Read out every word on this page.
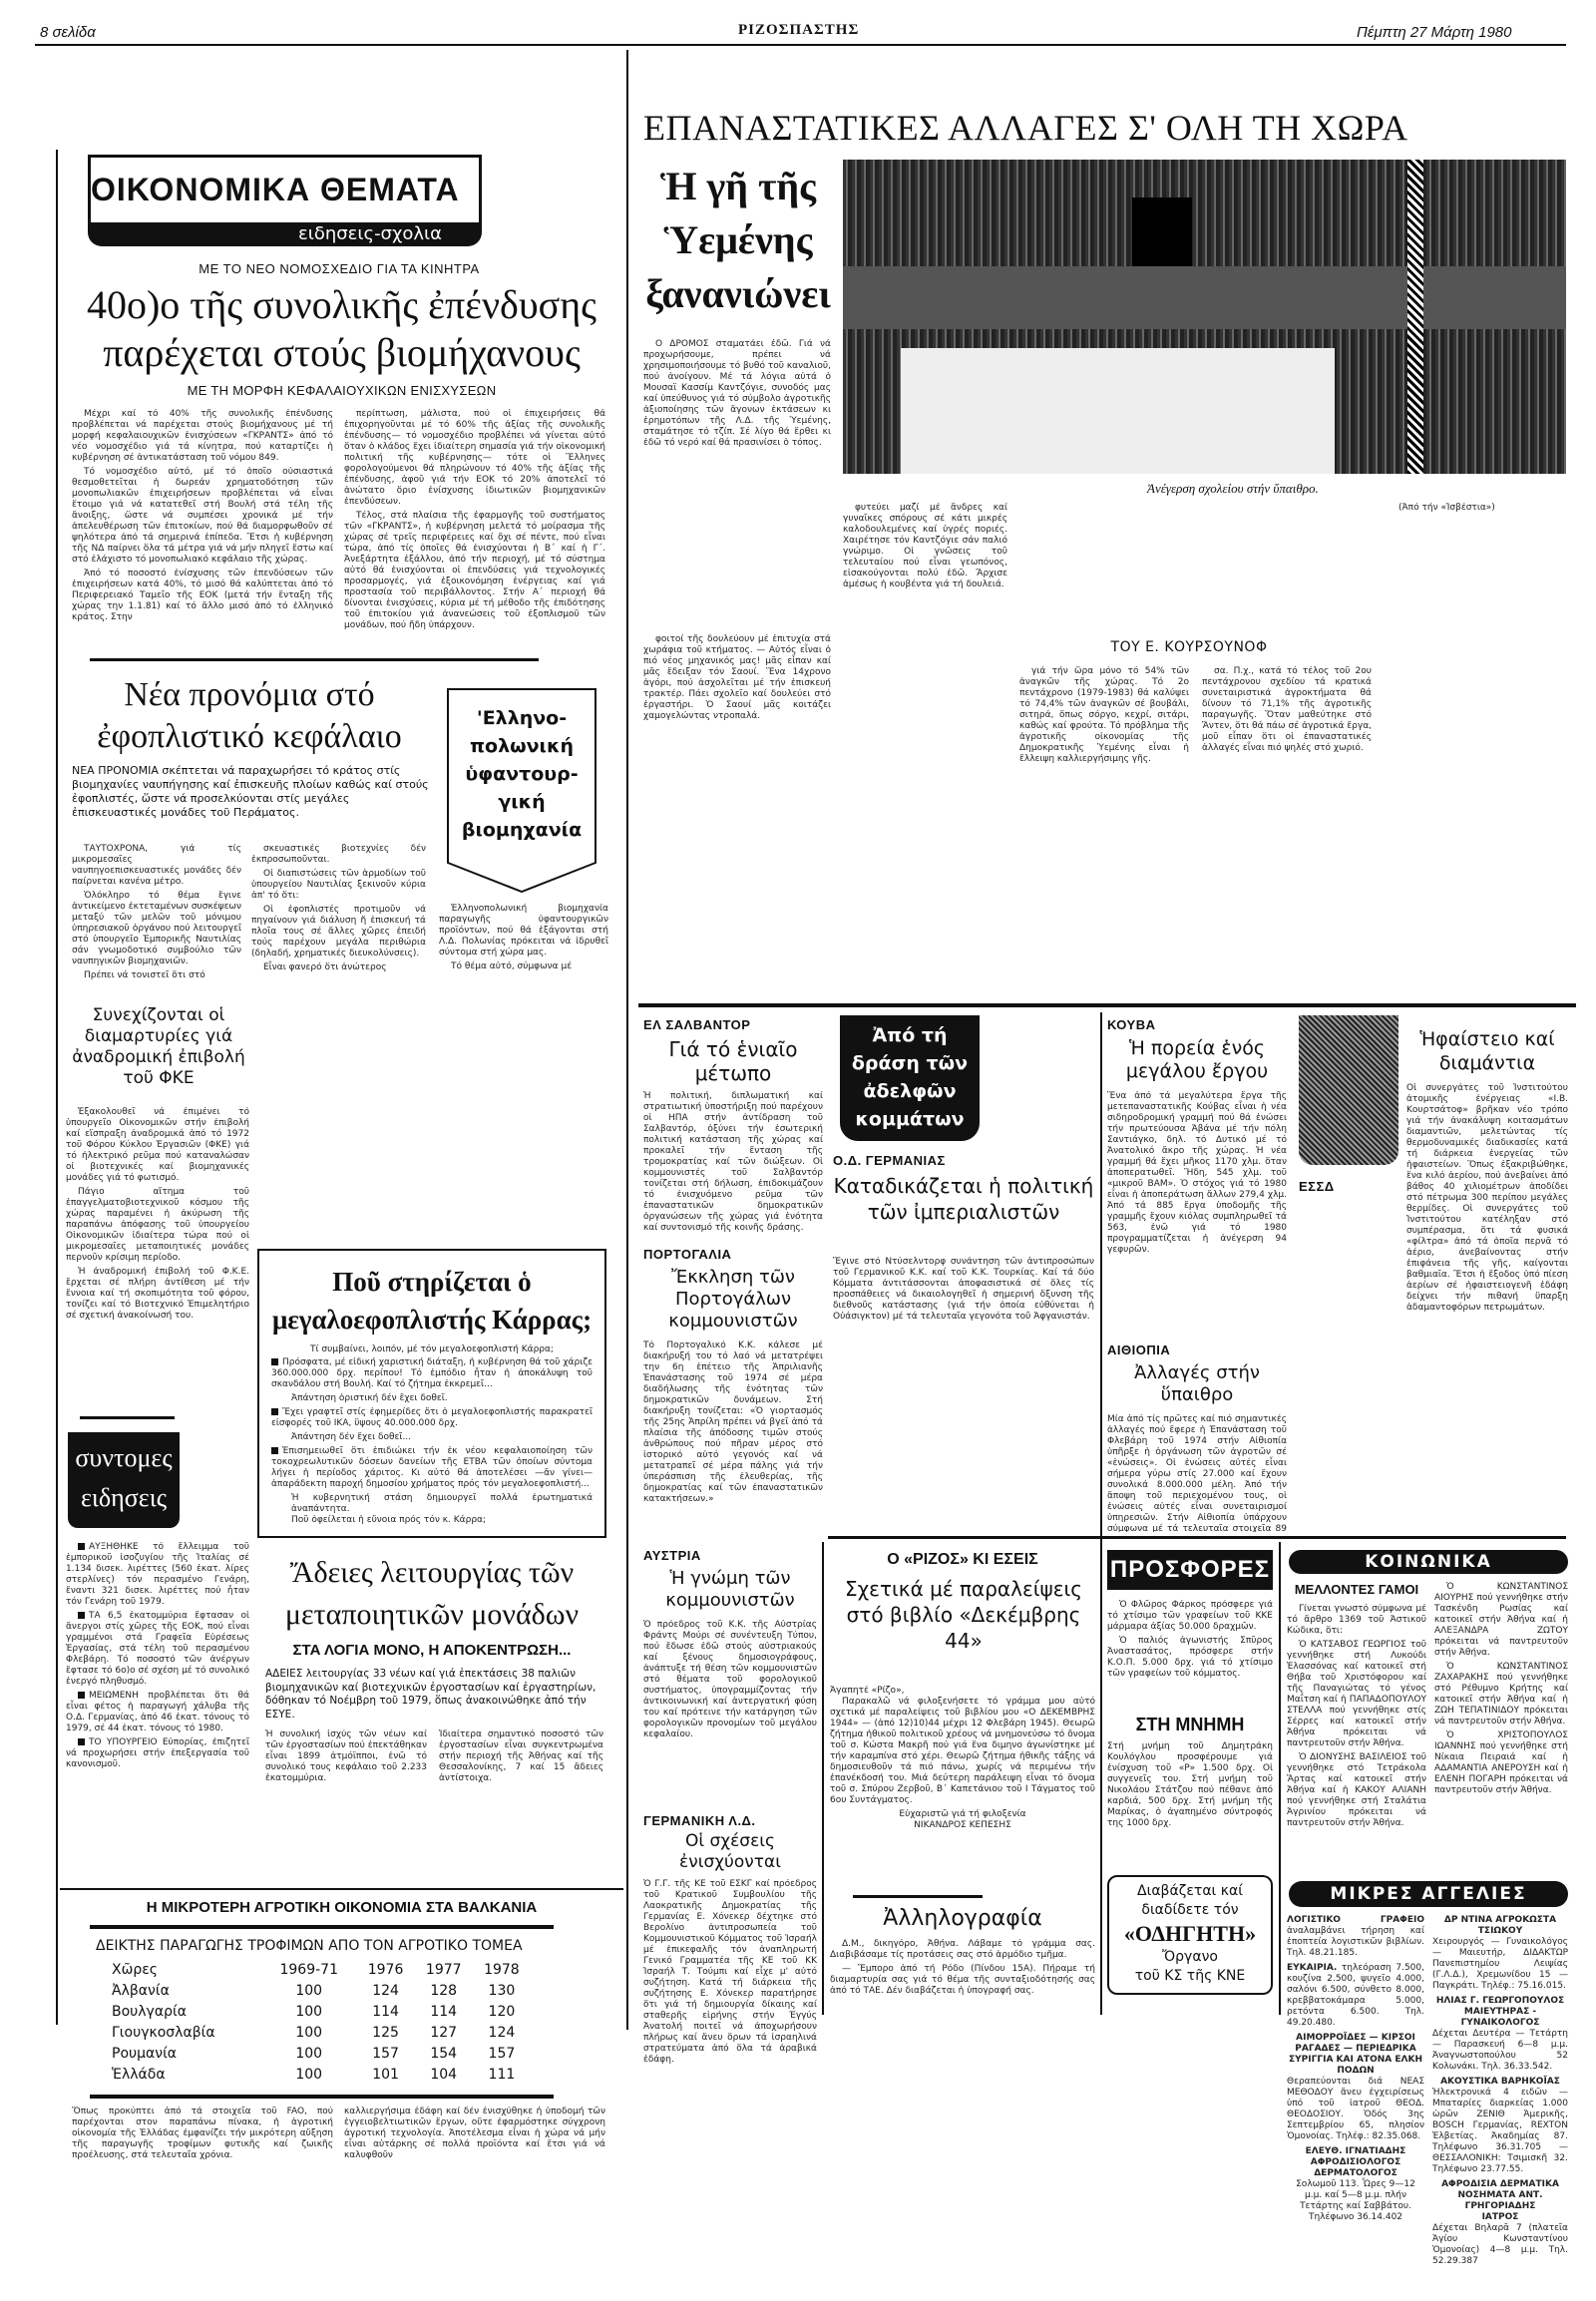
8 σελίδα	ΡΙΖΟΣΠΑΣΤΗΣ	Πέμπτη 27 Μάρτη 1980
ΟΙΚΟΝΟΜΙΚΑ ΘΕΜΑΤΑ
ειδησεις-σχολια
ΜΕ ΤΟ ΝΕΟ ΝΟΜΟΣΧΕΔΙΟ ΓΙΑ ΤΑ ΚΙΝΗΤΡΑ
40ο)ο τῆς συνολικῆς ἐπένδυσης
παρέχεται στούς βιομήχανους
ΜΕ ΤΗ ΜΟΡΦΗ ΚΕΦΑΛΑΙΟΥΧΙΚΩΝ ΕΝΙΣΧΥΣΕΩΝ

Μέχρι καί τό 40% τῆς συνολικῆς ἐπένδυσης προβλέπεται νά παρέχεται στούς βιομήχανους μέ τή μορφή κεφαλαιουχικῶν ἐνισχύσεων «ΓΚΡΑΝΤΣ» ἀπό τό νέο νομοσχέδιο γιά τά κίνητρα, πού καταρτίζει ἡ κυβέρνηση σέ ἀντικατάσταση τοῦ νόμου 849.

Τό νομοσχέδιο αὐτό, μέ τό ὁποῖο οὐσιαστικά θεσμοθετεῖται ἡ δωρεάν χρηματοδότηση τῶν μονοπωλιακῶν ἐπιχειρήσεων προβλέπεται νά εἶναι ἕτοιμο γιά νά κατατεθεῖ στή Βουλή στά τέλη τῆς ἄνοιξης, ὥστε νά συμπέσει χρονικά μέ τήν ἀπελευθέρωση τῶν ἐπιτοκίων, πού θά διαμορφωθοῦν σέ ψηλότερα ἀπό τά σημερινά ἐπίπεδα. Ἔτσι ἡ κυβέρνηση τῆς ΝΔ παίρνει ὅλα τά μέτρα γιά νά μήν πληγεῖ ἔστω καί στό ἐλάχιστο τό μονοπωλιακό κεφάλαιο τῆς χώρας.

Ἀπό τό ποσοστό ἐνίσχυσης τῶν ἐπενδύσεων τῶν ἐπιχειρήσεων κατά 40%, τό μισό θά καλύπτεται ἀπό τό Περιφερειακό Ταμεῖο τῆς ΕΟΚ (μετά τήν ἔνταξη τῆς χώρας την 1.1.81) καί τό ἄλλο μισό ἀπό τό ἑλληνικό κράτος. Στην

περίπτωση, μάλιστα, πού οἱ ἐπιχειρήσεις θά ἐπιχορηγοῦνται μέ τό 60% τῆς ἀξίας τῆς συνολικῆς ἐπένδυσης— τό νομοσχέδιο προβλέπει νά γίνεται αὐτό ὅταν ὁ κλάδος ἔχει ἰδιαίτερη σημασία γιά τήν οἰκονομική πολιτική τῆς κυβέρνησης— τότε οἱ Ἕλληνες φορολογούμενοι θά πληρώνουν τό 40% τῆς ἀξίας τῆς ἐπένδυσης, ἀφοῦ γιά τήν ΕΟΚ τό 20% ἀποτελεῖ τό ἀνώτατο ὅριο ἐνίσχυσης ἰδιωτικῶν βιομηχανικῶν ἐπενδύσεων.

Τέλος, στά πλαίσια τῆς ἐφαρμογῆς τοῦ συστήματος τῶν «ΓΚΡΑΝΤΣ», ἡ κυβέρνηση μελετά τό μοίρασμα τῆς χώρας σέ τρεῖς περιφέρειες καί ὄχι σέ πέντε, πού εἶναι τώρα, ἀπό τίς ὁποῖες θά ἐνισχύονται ἡ Β΄ καί ἡ Γ΄. Ἀνεξάρτητα ἐξάλλου, ἀπό τήν περιοχή, μέ τό σύστημα αὐτό θά ἐνισχύονται οἱ ἐπενδύσεις γιά τεχνολογικές προσαρμογές, γιά ἐξοικονόμηση ἐνέργειας καί γιά προστασία τοῦ περιβάλλοντος. Στήν Α΄ περιοχή θά δίνονται ἐνισχύσεις, κύρια μέ τή μέθοδο τῆς ἐπιδότησης τοῦ ἐπιτοκίου γιά ἀνανεώσεις τοῦ ἐξοπλισμοῦ τῶν μονάδων, πού ἤδη ὑπάρχουν.

Νέα προνόμια στό
ἐφοπλιστικό κεφάλαιο
ΝΕΑ ΠΡΟΝΟΜΙΑ σκέπτεται νά παραχωρήσει τό κράτος στίς βιομηχανίες ναυπήγησης καί ἐπισκευῆς πλοίων καθώς καί στούς ἐφοπλιστές, ὥστε νά προσελκύονται στίς μεγάλες ἐπισκευαστικές μονάδες τοῦ Περάματος.

ΤΑΥΤΟΧΡΟΝΑ, γιά τίς μικρομεσαῖες ναυπηγοεπισκευαστικές μονάδες δέν παίρνεται κανένα μέτρο.

Ὁλόκληρο τό θέμα ἔγινε ἀντικείμενο ἐκτεταμένων συσκέψεων μεταξύ τῶν μελῶν τοῦ μόνιμου ὑπηρεσιακοῦ ὀργάνου πού λειτουργεῖ στό ὑπουργεῖο Ἐμπορικῆς Ναυτιλίας σάν γνωμοδοτικό συμβούλιο τῶν ναυπηγικῶν βιομηχανιῶν.

Πρέπει νά τονιστεῖ ὅτι στό

σκευαστικές βιοτεχνίες δέν ἐκπροσωποῦνται.

Οἱ διαπιστώσεις τῶν ἁρμοδίων τοῦ ὑπουργείου Ναυτιλίας ξεκινοῦν κύρια ἀπ' τό ὅτι:

Οἱ ἐφοπλιστές προτιμοῦν νά πηγαίνουν γιά διάλυση ἤ ἐπισκευή τά πλοῖα τους σέ ἄλλες χῶρες ἐπειδή τούς παρέχουν μεγάλα περιθώρια (δηλαδή, χρηματικές διευκολύνσεις).

Εἶναι φανερό ὅτι ἀνώτερος

'Ελληνο-
πολωνική
ὑφαντουρ-
γική
βιομηχανία

Ἑλληνοπολωνική βιομηχανία παραγωγῆς ὑφαντουργικῶν προϊόντων, πού θά ἐξάγονται στή Λ.Δ. Πολωνίας πρόκειται νά ἱδρυθεῖ σύντομα στή χώρα μας.

Τό θέμα αὐτό, σύμφωνα μέ

Συνεχίζονται οἱ διαμαρτυρίες γιά ἀναδρομική ἐπιβολή τοῦ ΦΚΕ

Ἐξακολουθεῖ νά ἐπιμένει τό ὑπουργεῖο Οἰκονομικῶν στήν ἐπιβολή καί εἴσπραξη ἀναδρομικά ἀπό τό 1972 τοῦ Φόρου Κύκλου Ἐργασιῶν (ΦΚΕ) γιά τό ἠλεκτρικό ρεῦμα πού καταναλώσαν οἱ βιοτεχνικές καί βιομηχανικές μονάδες γιά τό φωτισμό.

Πάγιο αἴτημα τοῦ ἐπαγγελματοβιοτεχνικοῦ κόσμου τῆς χώρας παραμένει ἡ ἀκύρωση τῆς παραπάνω ἀπόφασης τοῦ ὑπουργείου Οἰκονομικῶν ἰδιαίτερα τώρα πού οἱ μικρομεσαῖες μεταποιητικές μονάδες περνοῦν κρίσιμη περίοδο.

Ἡ ἀναδρομική ἐπιβολή τοῦ Φ.Κ.Ε. ἔρχεται σέ πλήρη ἀντίθεση μέ τήν ἔννοια καί τή σκοπιμότητα τοῦ φόρου, τονίζει καί τό Βιοτεχνικό Ἐπιμελητήριο σέ σχετική ἀνακοίνωσή του.

συντομες
ειδησεις

ΑΥΞΗΘΗΚΕ τό ἔλλειμμα τοῦ ἐμπορικοῦ ἰσοζυγίου τῆς Ἰταλίας σέ 1.134 δισεκ. λιρέττες (560 ἑκατ. λίρες στερλίνες) τόν περασμένο Γενάρη, ἔναντι 321 δισεκ. λιρέττες πού ἦταν τόν Γενάρη τοῦ 1979.

ΤΑ 6,5 ἑκατομμύρια ἔφτασαν οἱ ἄνεργοι στίς χῶρες τῆς ΕΟΚ, πού εἶναι γραμμένοι στά Γραφεῖα Εὑρέσεως Ἐργασίας, στά τέλη τοῦ περασμένου Φλεβάρη. Τό ποσοστό τῶν ἀνέργων ἔφτασε τό 6ο)ο σέ σχέση μέ τό συνολικό ἐνεργό πληθυσμό.

ΜΕΙΩΜΕΝΗ προβλέπεται ὅτι θά εἶναι φέτος ἡ παραγωγή χάλυβα τῆς Ο.Δ. Γερμανίας, ἀπό 46 ἑκατ. τόνους τό 1979, σέ 44 ἑκατ. τόνους τό 1980.

ΤΟ ΥΠΟΥΡΓΕΙΟ Εὐπορίας, ἐπιζητεῖ νά προχωρήσει στήν ἐπεξεργασία τοῦ κανονισμοῦ.

Ποῦ στηρίζεται ὁ
μεγαλοεφοπλιστής Κάρρας;
Τί συμβαίνει, λοιπόν, μέ τόν μεγαλοεφοπλιστή Κάρρα;
Πρόσφατα, μέ εἰδική χαριστική διάταξη, ἡ κυβέρνηση θά τοῦ χάριζε 360.000.000 δρχ. περίπου! Τό ἐμπόδιο ἦταν ἡ ἀποκάλυψη τοῦ σκανδάλου στή Βουλή. Καί τό ζήτημα ἐκκρεμεῖ...
Ἀπάντηση ὁριστική δέν ἔχει δοθεῖ.
Ἔχει γραφτεῖ στίς ἐφημερίδες ὅτι ὁ μεγαλοεφοπλιστής παρακρατεῖ εἰσφορές τοῦ ΙΚΑ, ὕψους 40.000.000 δρχ.
Ἀπάντηση δέν ἔχει δοθεῖ...
Ἐπισημειωθεῖ ὅτι ἐπιδιώκει τήν ἐκ νέου κεφαλαιοποίηση τῶν τοκοχρεωλυτικῶν δόσεων δανείων τῆς ΕΤΒΑ τῶν ὁποίων σύντομα λήγει ἡ περίοδος χάριτος. Κι αὐτό θά ἀποτελέσει —ἄν γίνει— ἀπαράδεκτη παροχή δημοσίου χρήματος πρός τόν μεγαλοεφοπλιστή...
Ἡ κυβερνητική στάση δημιουργεῖ πολλά ἐρωτηματικά ἀναπάντητα.
Ποῦ ὀφείλεται ἡ εὔνοια πρός τόν κ. Κάρρα;
Ἄδειες λειτουργίας τῶν
μεταποιητικῶν μονάδων
ΣΤΑ ΛΟΓΙΑ ΜΟΝΟ, Η ΑΠΟΚΕΝΤΡΩΣΗ...
ΑΔΕΙΕΣ λειτουργίας 33 νέων καί γιά ἐπεκτάσεις 38 παλιῶν βιομηχανικῶν καί βιοτεχνικῶν ἐργοστασίων καί ἐργαστηρίων, δόθηκαν τό Νοέμβρη τοῦ 1979, ὅπως ἀνακοινώθηκε ἀπό τήν ΕΣΥΕ.
Ἡ συνολική ἰσχύς τῶν νέων καί τῶν ἐργοστασίων πού ἐπεκτάθηκαν εἶναι 1899 ἀτμόϊπποι, ἐνῶ τό συνολικό τους κεφάλαιο τοῦ 2.233 ἑκατομμύρια.
Ἰδιαίτερα σημαντικό ποσοστό τῶν ἐργοστασίων εἶναι συγκεντρωμένα στήν περιοχή τῆς Ἀθήνας καί τῆς Θεσσαλονίκης, 7 καί 15 ἄδειες ἀντίστοιχα.
Η ΜΙΚΡΟΤΕΡΗ ΑΓΡΟΤΙΚΗ ΟΙΚΟΝΟΜΙΑ ΣΤΑ ΒΑΛΚΑΝΙΑ
ΔΕΙΚΤΗΣ ΠΑΡΑΓΩΓΗΣ ΤΡΟΦΙΜΩΝ ΑΠΟ ΤΟΝ ΑΓΡΟΤΙΚΟ ΤΟΜΕΑ
Χῶρες	1969-71	1976	1977	1978
Ἀλβανία	100	124	128	130
Βουλγαρία	100	114	114	120
Γιουγκοσλαβία	100	125	127	124
Ρουμανία	100	157	154	157
Ἑλλάδα	100	101	104	111
Ὅπως προκύπτει ἀπό τά στοιχεῖα τοῦ FAO, πού παρέχονται στον παραπάνω πίνακα, ἡ ἀγροτική οἰκονομία τῆς Ἑλλάδας ἐμφανίζει τήν μικρότερη αὔξηση τῆς παραγωγῆς τροφίμων φυτικῆς καί ζωικῆς προέλευσης, στά τελευταῖα χρόνια.
καλλιεργήσιμα ἐδάφη καί δέν ἐνισχύθηκε ἡ ὑποδομή τῶν ἐγγειοβελτιωτικῶν ἔργων, οὔτε ἐφαρμόστηκε σύγχρονη ἀγροτική τεχνολογία. Ἀποτέλεσμα εἶναι ἡ χώρα νά μήν εἶναι αὐτάρκης σέ πολλά προϊόντα καί ἔτσι γιά νά καλυφθοῦν
ΕΠΑΝΑΣΤΑΤΙΚΕΣ ΑΛΛΑΓΕΣ Σ' ΟΛΗ ΤΗ ΧΩΡΑ
Ἡ γῆ τῆς
Ὑεμένης
ξανανιώνει
Ἀνέγερση σχολείου στήν ὕπαιθρο.

Ο ΔΡΟΜΟΣ σταματάει ἐδῶ. Γιά νά προχωρήσουμε, πρέπει νά χρησιμοποιήσουμε τό βυθό τοῦ καναλιοῦ, πού ἀνοίγουν. Μέ τά λόγια αὐτά ὁ Μουσαϊ Κασσίμ Καντζόγιε, συνοδός μας καί ὑπεύθυνος γιά τό σύμβολο ἀγροτικῆς ἀξιοποίησης τῶν ἄγονων ἐκτάσεων κι ἐρημοτόπων τῆς Λ.Δ. τῆς Ὑεμένης, σταμάτησε τό τζίπ. Σέ λίγο θά ἔρθει κι ἐδῶ τό νερό καί θά πρασινίσει ὁ τόπος.

φοιτοί τῆς δουλεύουν μέ ἐπιτυχία στά χωράφια τοῦ κτήματος. — Αὐτός εἶναι ὁ πιό νέος μηχανικός μας! μᾶς εἶπαν καί μᾶς ἔδειξαν τόν Σαουί. Ἕνα 14χρονο ἀγόρι, πού ἀσχολεῖται μέ τήν ἐπισκευή τρακτέρ. Πάει σχολεῖο καί δουλεύει στό ἐργαστήρι. Ὁ Σαουί μᾶς κοιτάζει χαμογελώντας ντροπαλά.

ΤΟΥ Ε. ΚΟΥΡΣΟΥΝΟΦ

φυτεύει μαζί μέ ἄνδρες καί γυναῖκες σπόρους σέ κάτι μικρές καλοδουλεμένες καί ὑγρές ποριές. Χαιρέτησε τόν Καντζόγιε σάν παλιό γνώριμο. Οἱ γνῶσεις τοῦ τελευταίου πού εἶναι γεωπόνος, εἰσακούγονται πολύ ἐδῶ. Ἄρχισε ἀμέσως ἡ κουβέντα γιά τή δουλειά.

γιά τήν ὥρα μόνο τό 54% τῶν ἀναγκῶν τῆς χώρας. Τό 2ο πεντάχρονο (1979-1983) θά καλύψει τό 74,4% τῶν ἀναγκῶν σέ βουβάλι, σιτηρά, ὅπως σόργο, κεχρί, σιτάρι, καθώς καί φρούτα. Τό πρόβλημα τῆς ἀγροτικῆς οἰκονομίας τῆς Δημοκρατικῆς Ὑεμένης εἶναι ἡ ἔλλειψη καλλιεργήσιμης γῆς.

σα. Π.χ., κατά τό τέλος τοῦ 2ου πεντάχρονου σχεδίου τά κρατικά συνεταιριστικά ἀγροκτήματα θά δίνουν τό 71,1% τῆς ἀγροτικῆς παραγωγῆς. Ὅταν μαθεύτηκε στό Ἄντεν, ὅτι θά πάω σέ ἀγροτικά ἔργα, μοῦ εἶπαν ὅτι οἱ ἐπαναστατικές ἀλλαγές εἶναι πιό ψηλές στό χωριό.

(Ἀπό τήν «Ἰσβέστια»)
ΕΛ ΣΑΛΒΑΝΤΟΡ
Γιά τό ἑνιαῖο μέτωπο
Ἡ πολιτική, διπλωματική καί στρατιωτική ὑποστήριξη πού παρέχουν οἱ ΗΠΑ στήν ἀντίδραση τοῦ Σαλβαντόρ, ὀξύνει τήν ἐσωτερική πολιτική κατάσταση τῆς χώρας καί προκαλεῖ τήν ἔνταση τῆς τρομοκρατίας καί τῶν διώξεων. Οἱ κομμουνιστές τοῦ Σαλβαντόρ τονίζεται στή δήλωση, ἐπιδοκιμάζουν τό ἐνισχυόμενο ρεῦμα τῶν ἐπαναστατικῶν δημοκρατικῶν ὀργανώσεων τῆς χώρας γιά ἑνότητα καί συντονισμό τῆς κοινῆς δράσης.
Ἀπό τή
δράση τῶν
ἀδελφῶν
κομμάτων
Ο.Δ. ΓΕΡΜΑΝΙΑΣ
Καταδικάζεται ἡ πολιτική τῶν ἰμπεριαλιστῶν
Ἔγινε στό Ντύσελντορφ συνάντηση τῶν ἀντιπροσώπων τοῦ Γερμανικοῦ Κ.Κ. καί τοῦ Κ.Κ. Τουρκίας. Καί τά δύο Κόμματα ἀντιτάσσονται ἀποφασιστικά σέ ὅλες τίς προσπάθειες νά δικαιολογηθεῖ ἡ σημερινή ὄξυνση τῆς διεθνοῦς κατάστασης (γιά τήν ὁποία εὐθύνεται ἡ Οὐάσιγκτον) μέ τά τελευταῖα γεγονότα τοῦ Ἀφγανιστάν.
ΠΟΡΤΟΓΑΛΙΑ
Ἔκκληση τῶν Πορτογάλων κομμουνιστῶν
Τό Πορτογαλικό Κ.Κ. κάλεσε μέ διακήρυξή του τό λαό νά μετατρέψει την 6η ἐπέτειο τῆς Ἀπριλιανῆς Ἐπανάστασης τοῦ 1974 σέ μέρα διαδήλωσης τῆς ἑνότητας τῶν δημοκρατικῶν δυνάμεων. Στή διακήρυξη τονίζεται: «Ὁ γιορτασμός τῆς 25ης Ἀπρίλη πρέπει νά βγεῖ ἀπό τά πλαίσια τῆς ἀπόδοσης τιμῶν στούς ἀνθρώπους πού πῆραν μέρος στό ἱστορικό αὐτό γεγονός καί νά μετατραπεῖ σέ μέρα πάλης γιά τήν ὑπεράσπιση τῆς ἐλευθερίας, τῆς δημοκρατίας καί τῶν ἐπαναστατικῶν κατακτήσεων.»
ΑΥΣΤΡΙΑ
Ἡ γνώμη τῶν κομμουνιστῶν
Ὁ πρόεδρος τοῦ Κ.Κ. τῆς Αὐστρίας Φράντς Μούρι σέ συνέντευξη Τύπου, πού ἔδωσε ἐδῶ στούς αὐστριακούς καί ξένους δημοσιογράφους, ἀνάπτυξε τή θέση τῶν κομμουνιστῶν στό θέματα τοῦ φορολογικοῦ συστήματος, ὑπογραμμίζοντας τήν ἀντικοινωνική καί ἀντεργατική φύση του καί πρότεινε τήν κατάργηση τῶν φορολογικῶν προνομίων τοῦ μεγάλου κεφαλαίου.
ΓΕΡΜΑΝΙΚΗ Λ.Δ.
Οἱ σχέσεις ἐνισχύονται
Ὁ Γ.Γ. τῆς ΚΕ τοῦ ΕΣΚΓ καί πρόεδρος τοῦ Κρατικοῦ Συμβουλίου τῆς Λαοκρατικῆς Δημοκρατίας τῆς Γερμανίας Ε. Χόνεκερ δέχτηκε στό Βερολίνο ἀντιπροσωπεία τοῦ Κομμουνιστικοῦ Κόμματος τοῦ Ἰσραήλ μέ ἐπικεφαλῆς τόν ἀναπληρωτή Γενικό Γραμματέα τῆς ΚΕ τοῦ ΚΚ Ἰσραήλ Τ. Τούμπι καί εἶχε μ' αὐτό συζήτηση. Κατά τή διάρκεια τῆς συζήτησης Ε. Χόνεκερ παρατήρησε ὅτι γιά τή δημιουργία δίκαιης καί σταθερῆς εἰρήνης στήν Ἐγγύς Ἀνατολή ποιτεῖ νά ἀποχωρήσουν πλήρως καί ἄνευ ὅρων τά ἰσραηλινά στρατεύματα ἀπό ὅλα τά ἀραβικά ἐδάφη.
ΚΟΥΒΑ
Ἡ πορεία ἑνός μεγάλου ἔργου
Ἕνα ἀπό τά μεγαλύτερα ἔργα τῆς μετεπαναστατικῆς Κούβας εἶναι ἡ νέα σιδηροδρομική γραμμή πού θά ἑνώσει τήν πρωτεύουσα Ἀβάνα μέ τήν πόλη Σαντιάγκο, δηλ. τό Δυτικό μέ τό Ἀνατολικό ἄκρο τῆς χώρας. Ἡ νέα γραμμή θά ἔχει μῆκος 1170 χλμ. ὅταν ἀποπερατωθεῖ. Ἤδη, 545 χλμ. τοῦ «μικροῦ ΒΑΜ». Ὁ στόχος γιά τό 1980 εἶναι ἡ ἀποπεράτωση ἄλλων 279,4 χλμ. Ἀπό τά 885 ἔργα ὑποδομῆς τῆς γραμμῆς ἔχουν κιόλας συμπληρωθεῖ τά 563, ἐνῶ γιά τό 1980 προγραμματίζεται ἡ ἀνέγερση 94 γεφυρῶν.
ΑΙΘΙΟΠΙΑ
Ἀλλαγές στήν ὕπαιθρο
Μία ἀπό τίς πρῶτες καί πιό σημαντικές ἀλλαγές πού ἔφερε ἡ Ἐπανάσταση τοῦ Φλεβάρη τοῦ 1974 στήν Αἰθιοπία ὑπῆρξε ἡ ὀργάνωση τῶν ἀγροτῶν σέ «ἑνώσεις». Οἱ ἑνώσεις αὐτές εἶναι σήμερα γύρω στίς 27.000 καί ἔχουν συνολικά 8.000.000 μέλη. Ἀπό τήν ἄποψη τοῦ περιεχομένου τους, οἱ ἑνώσεις αὐτές εἶναι συνεταιρισμοί ὑπηρεσιῶν. Στήν Αἰθιοπία ὑπάρχουν σύμφωνα μέ τά τελευταῖα στοιχεῖα 89
ΕΣΣΔ
Ἡφαίστειο καί διαμάντια
Οἱ συνεργάτες τοῦ Ἰνστιτούτου ἀτομικῆς ἐνέργειας «Ι.Β. Κουρτσάτοφ» βρῆκαν νέο τρόπο γιά τήν ἀνακάλυψη κοιτασμάτων διαμαντιῶν, μελετώντας τίς θερμοδυναμικές διαδικασίες κατά τή διάρκεια ἐνεργείας τῶν ἡφαιστείων. Ὅπως ἐξακριβώθηκε, ἕνα κιλό ἀερίου, πού ἀνεβαίνει ἀπό βάθος 40 χιλιομέτρων ἀποδίδει στό πέτρωμα 300 περίπου μεγάλες θερμίδες. Οἱ συνεργάτες τοῦ Ἰνστιτούτου κατέληξαν στό συμπέρασμα, ὅτι τά φυσικά «φίλτρα» ἀπό τά ὁποῖα περνᾶ τό ἀέριο, ἀνεβαίνοντας στήν ἐπιφάνεια τῆς γῆς, καίγονται βαθμιαῖα. Ἔτσι ἡ ἔξοδος ὑπό πίεση ἀερίων σέ ἡφαιστειογενῆ ἐδάφη δείχνει τήν πιθανή ὕπαρξη ἀδαμαντοφόρων πετρωμάτων.
Ο «ΡΙΖΟΣ» ΚΙ ΕΣΕΙΣ
Σχετικά μέ παραλείψεις στό βιβλίο «Δεκέμβρης 44»
Ἀγαπητέ «Ρίζο»,

Παρακαλῶ νά φιλοξενήσετε τό γράμμα μου αὐτό σχετικά μέ παραλείψεις τοῦ βιβλίου μου «Ο ΔΕΚΕΜΒΡΗΣ 1944» — (ἀπό 12)10)44 μέχρι 12 Φλεβάρη 1945). Θεωρῶ ζήτημα ἠθικοῦ πολιτικοῦ χρέους νά μνημονεύσω τό ὄνομα τοῦ σ. Κώστα Μακρῆ πού γιά ἕνα διμηνο ἀγωνίστηκε μέ τήν καραμπίνα στό χέρι. Θεωρῶ ζήτημα ἠθικῆς τάξης νά δημοσιευθοῦν τά πιό πάνω, χωρίς νά περιμένω τήν ἐπανέκδοσή του. Μιά δεύτερη παράλειψη εἶναι τό ὄνομα τοῦ σ. Σπύρου Ζερβοῦ, Β΄ Καπετάνιου τοῦ Ι Τάγματος τοῦ 6ου Συντάγματος.

Εὐχαριστῶ γιά τή φιλοξενία
ΝΙΚΑΝΔΡΟΣ ΚΕΠΕΣΗΣ
Ἀλληλογραφία

Δ.Μ., δικηγόρο, Ἀθήνα. Λάβαμε τό γράμμα σας. Διαβιβάσαμε τίς προτάσεις σας στό ἁρμόδιο τμῆμα.

— Ἔμπορο ἀπό τή Ρόδο (Πίνδου 15Α). Πήραμε τή διαμαρτυρία σας γιά τό θέμα τῆς συνταξιοδότησής σας ἀπό τό ΤΑΕ. Δέν διαβάζεται ἡ ὑπογραφή σας.

ΠΡΟΣΦΟΡΕΣ

Ὁ Φλῶρος Φάρκος πρόσφερε γιά τό χτίσιμο τῶν γραφείων τοῦ ΚΚΕ μάρμαρα ἀξίας 50.000 δραχμῶν.

Ὁ παλιός ἀγωνιστής Σπῦρος Ἀναστασάτος, πρόσφερε στήν Κ.Ο.Π. 5.000 δρχ. γιά τό χτίσιμο τῶν γραφείων τοῦ κόμματος.

ΣΤΗ ΜΝΗΜΗ
Στή μνήμη τοῦ Δημητράκη Κουλόγλου προσφέρουμε γιά ἐνίσχυση τοῦ «Ρ» 1.500 δρχ. Οἱ συγγενεῖς του. Στή μνήμη τοῦ Νικολάου Στάτζου πού πέθανε ἀπό καρδιά, 500 δρχ. Στή μνήμη τῆς Μαρίκας, ὁ ἀγαπημένο σύντροφός της 1000 δρχ.
Διαβάζεται καί
διαδίδετε τόν
«ΟΔΗΓΗΤΗ»
Ὄργανο
τοῦ ΚΣ τῆς ΚΝΕ
ΚΟΙΝΩΝΙΚΑ
ΜΕΛΛΟΝΤΕΣ ΓΑΜΟΙ

Γίνεται γνωστό σύμφωνα μέ τό ἄρθρο 1369 τοῦ Ἀστικοῦ Κώδικα, ὅτι:

Ὁ ΚΑΤΣΑΒΟΣ ΓΕΩΡΓΙΟΣ τοῦ γεννήθηκε στή Λυκούδι Ἐλασσόνας καί κατοικεῖ στή Θήβα τοῦ Χριστόφορου καί τῆς Παναγιώτας τό γένος Μαΐτση καί ἡ ΠΑΠΑΔΟΠΟΥΛΟΥ ΣΤΕΛΛΑ πού γεννήθηκε στίς Σέρρες καί κατοικεῖ στήν Ἀθήνα πρόκειται νά παντρευτοῦν στήν Ἀθήνα.

Ὁ ΔΙΟΝΥΣΗΣ ΒΑΣΙΛΕΙΟΣ τοῦ γεννήθηκε στό Τετράκολα Ἄρτας καί κατοικεῖ στήν Ἀθήνα καί ἡ ΚΑΚΟΥ ΑΛΙΑΝΗ πού γεννήθηκε στή Σταλάτια Ἀγρινίου πρόκειται νά παντρευτοῦν στήν Ἀθήνα.

Ὁ ΚΩΝΣΤΑΝΤΙΝΟΣ ΑΙΟΥΡΗΣ πού γεννήθηκε στήν Τασκένδη Ρωσίας καί κατοικεῖ στήν Ἀθήνα καί ἡ ΑΛΕΞΑΝΔΡΑ ΖΩΤΟΥ πρόκειται νά παντρευτοῦν στήν Ἀθήνα.

Ὁ ΚΩΝΣΤΑΝΤΙΝΟΣ ΖΑΧΑΡΑΚΗΣ πού γεννήθηκε στό Ρέθυμνο Κρήτης καί κατοικεῖ στήν Ἀθήνα καί ἡ ΖΩΗ ΤΕΠΑΤΙΝΙΔΟΥ πρόκειται νά παντρευτοῦν στήν Ἀθήνα.

Ὁ ΧΡΙΣΤΟΠΟΥΛΟΣ ΙΩΑΝΝΗΣ πού γεννήθηκε στή Νίκαια Πειραιά καί ἡ ΑΔΑΜΑΝΤΙΑ ΑΝΕΡΟΥΣΗ καί ἡ ΕΛΕΝΗ ΠΟΓΑΡΗ πρόκειται νά παντρευτοῦν στήν Ἀθήνα.

ΜΙΚΡΕΣ ΑΓΓΕΛΙΕΣ
ΛΟΓΙΣΤΙΚΟ ΓΡΑΦΕΙΟ ἀναλαμβάνει τήρηση καί ἐποπτεία λογιστικῶν βιβλίων. Τηλ. 48.21.185.
ΕΥΚΑΙΡΙΑ. τηλεόραση 7.500, κουζίνα 2.500, ψυγεῖο 4.000, σαλόνι 6.500, σύνθετο 8.000, κρεββατοκάμαρα 5.000, ρετόντα 6.500. Τηλ. 49.20.480.
ΑΙΜΟΡΡΟΪΔΕΣ — ΚΙΡΣΟΙ ΡΑΓΑΔΕΣ — ΠΕΡΙΕΔΡΙΚΑ ΣΥΡΙΓΓΙΑ ΚΑΙ ΑΤΟΝΑ ΕΛΚΗ ΠΟΔΩΝ
Θεραπεύονται διά ΝΕΑΣ ΜΕΘΟΔΟΥ ἄνευ ἐγχειρίσεως ὑπό τοῦ ἰατροῦ ΘΕΟΔ. ΘΕΟΔΟΣΙΟΥ. Ὁδός 3ης Σεπτεμβρίου 65, πλησίον Ὁμονοίας. Τηλέφ.: 82.35.068.
ΕΛΕΥΘ. ΙΓΝΑΤΙΑΔΗΣ
ΑΦΡΟΔΙΣΙΟΛΟΓΟΣ ΔΕΡΜΑΤΟΛΟΓΟΣ
Σολωμοῦ 113. Ὧρες 9—12 μ.μ. καί 5—8 μ.μ. πλήν Τετάρτης καί Σαββάτου. Τηλέφωνο 36.14.402
ΔΡ ΝΤΙΝΑ ΑΓΡΟΚΩΣΤΑ ΤΣΙΩΚΟΥ
Χειρουργός — Γυναικολόγος — Μαιευτήρ, ΔΙΔΑΚΤΩΡ Πανεπιστημίου Λειψίας (Γ.Λ.Δ.), Χρεμωνίδου 15 — Παγκράτι. Τηλέφ.: 75.16.015.
ΗΛΙΑΣ Γ. ΓΕΩΡΓΟΠΟΥΛΟΣ
ΜΑΙΕΥΤΗΡΑΣ - ΓΥΝΑΙΚΟΛΟΓΟΣ
Δέχεται Δευτέρα — Τετάρτη — Παρασκευή 6—8 μ.μ. Ἀναγνωστοπούλου 52 Κολωνάκι. Τηλ. 36.33.542.
ΑΚΟΥΣΤΙΚΑ ΒΑΡΗΚΟΪΑΣ
Ἠλεκτρονικά 4 ειδῶν — Μπαταρίες διαρκείας 1.000 ὡρῶν ΖΕΝΙΘ Ἀμερικῆς, BOSCH Γερμανίας, REXTON Ἑλβετίας. Ἀκαδημίας 87. Τηλέφωνο 36.31.705 — ΘΕΣΣΑΛΟΝΙΚΗ: Τσιμισκῆ 32. Τηλέφωνο 23.77.55.
ΑΦΡΟΔΙΣΙΑ ΔΕΡΜΑΤΙΚΑ ΝΟΣΗΜΑΤΑ ΑΝΤ. ΓΡΗΓΟΡΙΑΔΗΣ
ΙΑΤΡΟΣ
Δέχεται Βηλαρᾶ 7 (πλατεῖα Ἁγίου Κωνσταντίνου Ὁμονοίας) 4—8 μ.μ. Τηλ. 52.29.387
